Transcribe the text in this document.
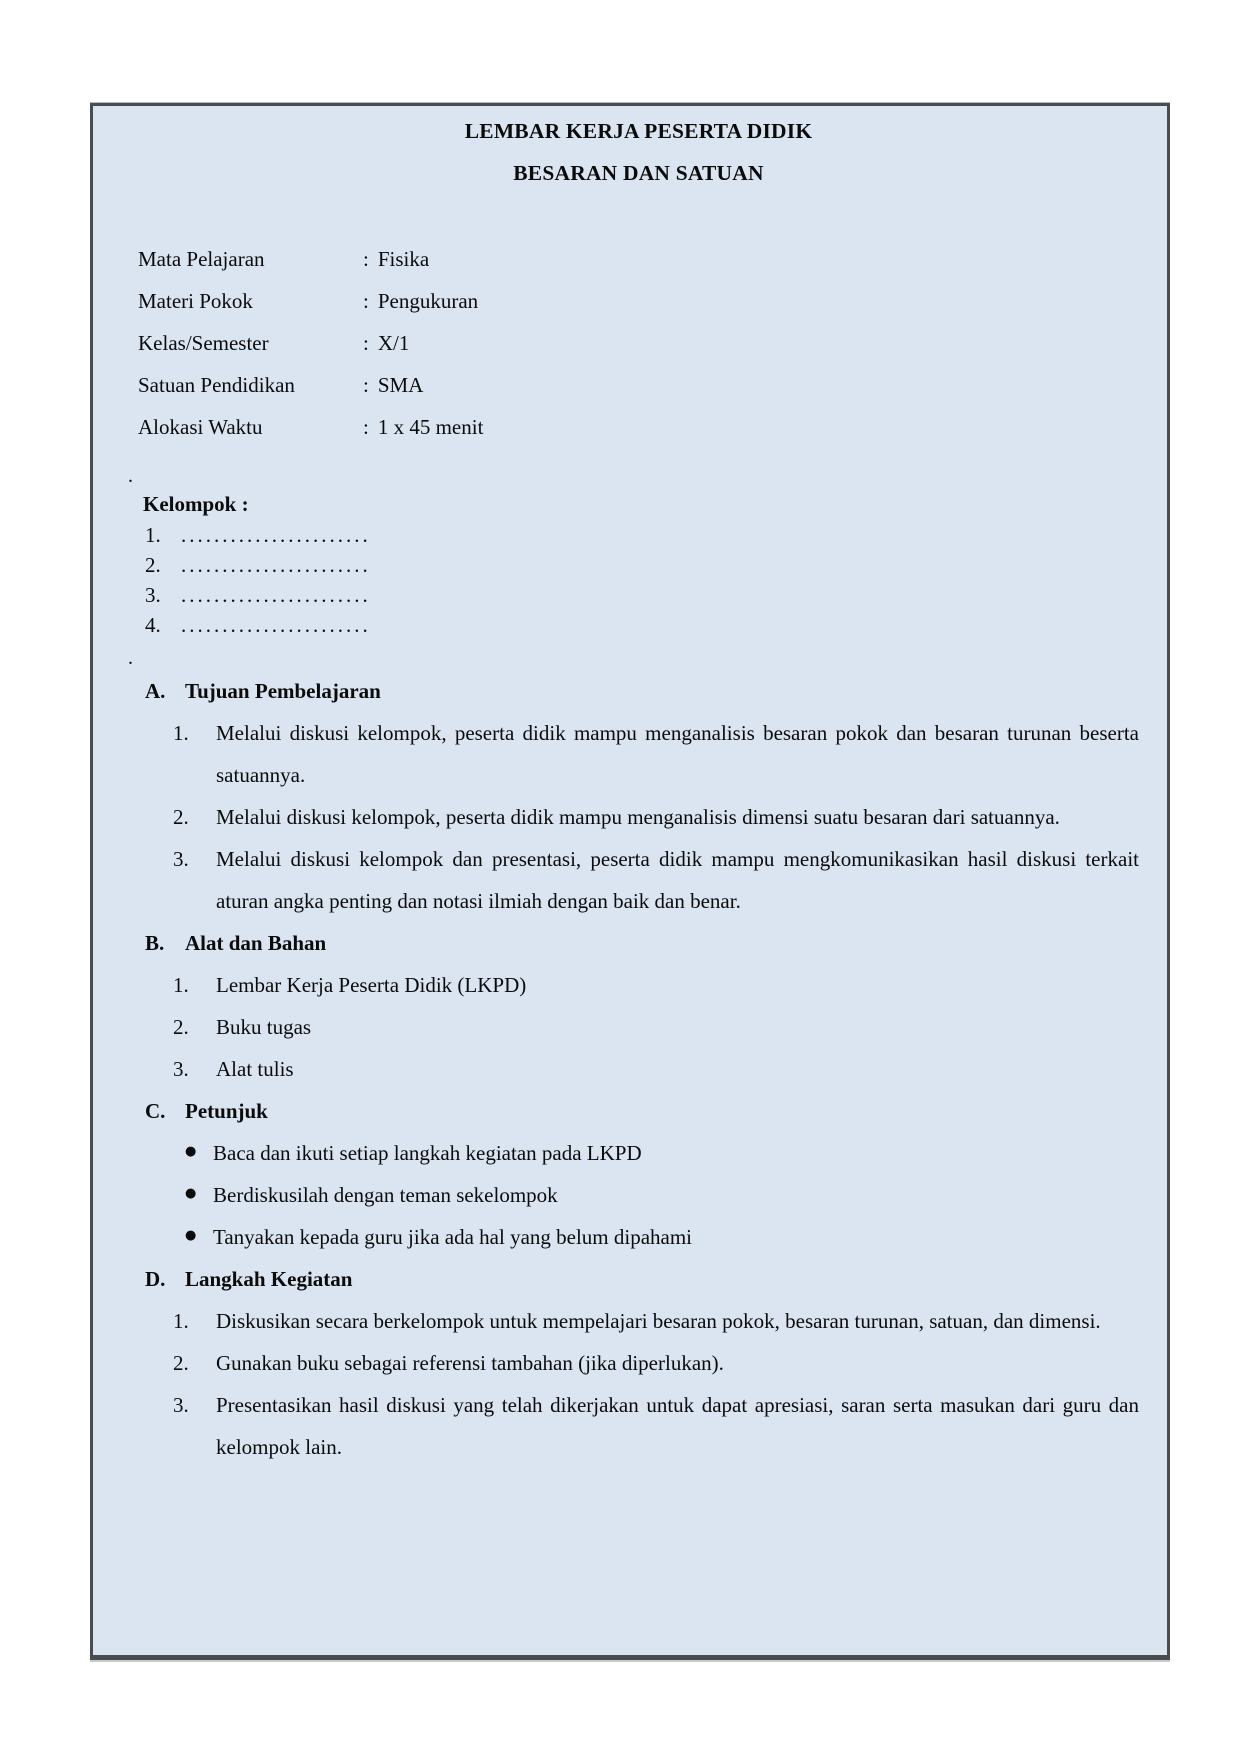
LEMBAR KERJA PESERTA DIDIK
BESARAN DAN SATUAN
Mata Pelajaran	: Fisika
Materi Pokok	: Pengukuran
Kelas/Semester	: X/1
Satuan Pendidikan	: SMA
Alokasi Waktu	: 1 x 45 menit
.
Kelompok :
1. .......................
2. .......................
3. .......................
4. .......................
.
A. Tujuan Pembelajaran
1.	Melalui diskusi kelompok, peserta didik mampu menganalisis besaran pokok dan besaran turunan beserta satuannya.
2.	Melalui diskusi kelompok, peserta didik mampu menganalisis dimensi suatu besaran dari satuannya.
3.	Melalui diskusi kelompok dan presentasi, peserta didik mampu mengkomunikasikan hasil diskusi terkait aturan angka penting dan notasi ilmiah dengan baik dan benar.
B. Alat dan Bahan
1.	Lembar Kerja Peserta Didik (LKPD)
2.	Buku tugas
3.	Alat tulis
C. Petunjuk
● Baca dan ikuti setiap langkah kegiatan pada LKPD
● Berdiskusilah dengan teman sekelompok
● Tanyakan kepada guru jika ada hal yang belum dipahami
D. Langkah Kegiatan
1.	Diskusikan secara berkelompok untuk mempelajari besaran pokok, besaran turunan, satuan, dan dimensi.
2.	Gunakan buku sebagai referensi tambahan (jika diperlukan).
3.	Presentasikan hasil diskusi yang telah dikerjakan untuk dapat apresiasi, saran serta masukan dari guru dan kelompok lain.
